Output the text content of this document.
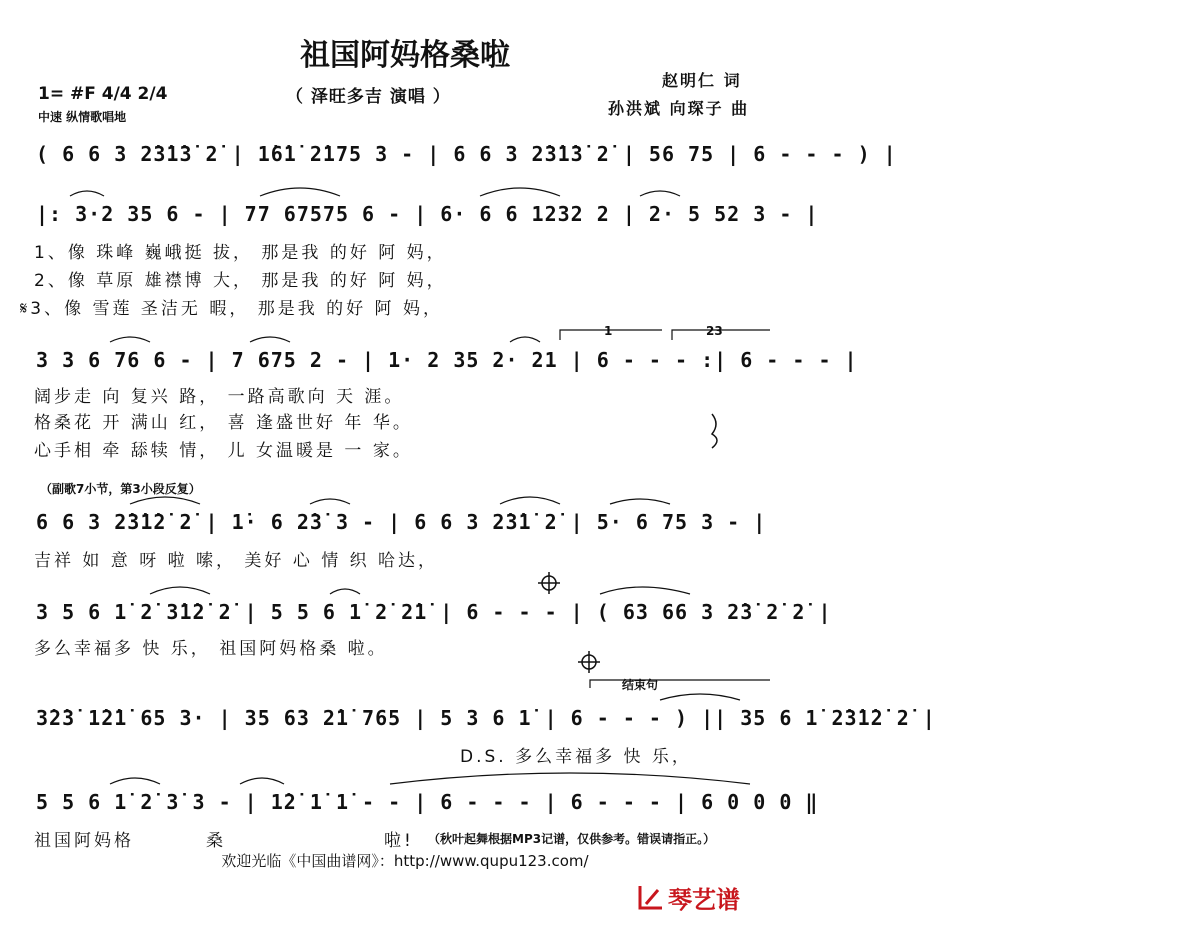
祖国阿妈格桑啦
（ 泽旺多吉 演唱 ）
赵明仁 词
孙洪斌 向琛子 曲
1= #F 4/4 2/4
中速 纵情歌唱地
( 6 6 3 2̇3̇1̇3̇ 2̇ | 1̇6̇1̇ 2̇175 3 - | 6 6 3 2̇3̇1̇3̇ 2̇ | 56 75 | 6 - - - ) |
|: 3·2 35 6 - | 77 67575 6 - | 6· 6 6 1232 2 | 2· 5 52 3 - |
1、像 珠峰 巍峨挺 拔， 那是我 的好 阿 妈，
2、像 草原 雄襟博 大， 那是我 的好 阿 妈，
𝄋3、像 雪莲 圣洁无 暇， 那是我 的好 阿 妈，
1	23
3 3 6 76 6 - | 7 675 2 - | 1· 2 35 2· 21 | 6 - - - :| 6 - - - |
阔步走 向 复兴 路， 一路高歌向 天 涯。
格桑花 开 满山 红， 喜 逢盛世好 年 华。
心手相 牵 舔犊 情， 儿 女温暖是 一 家。
（副歌7小节，第3小段反复）
6 6 3 2̇3̇1̇2̇ 2̇ | 1̇· 6 2̇3̇ 3 - | 6 6 3 2̇3̇1̇ 2̇ | 5· 6 75 3 - |
吉祥 如 意 呀 啦 嗦， 美好 心 情 织 哈达，
3 5 6 1̇ 2̇ 3̇1̇2̇ 2̇ | 5 5 6 1̇ 2̇ 2̇1̇ | 6 - - - | ( 63 66 3 2̇3̇ 2̇ 2̇ |
多么幸福多 快 乐， 祖国阿妈格桑 啦。
结束句
3̇2̇3̇ 1̇2̇1̇ 65 3· | 35 63 2̇1̇ 765 | 5 3 6 1̇ | 6 - - - ) || 35 6 1̇ 2̇3̇1̇2̇ 2̇ |
D.S. 多么幸福多 快 乐，
5 5 6 1̇ 2̇ 3̇ 3 - | 1̇2̇ 1̇ 1̇ - - | 6 - - - | 6 - - - | 6 0 0 0 ‖
祖国阿妈格	桑	啦!	（秋叶起舞根据MP3记谱，仅供参考。错误请指正。）
欢迎光临《中国曲谱网》：http://www.qupu123.com/
琴艺谱
